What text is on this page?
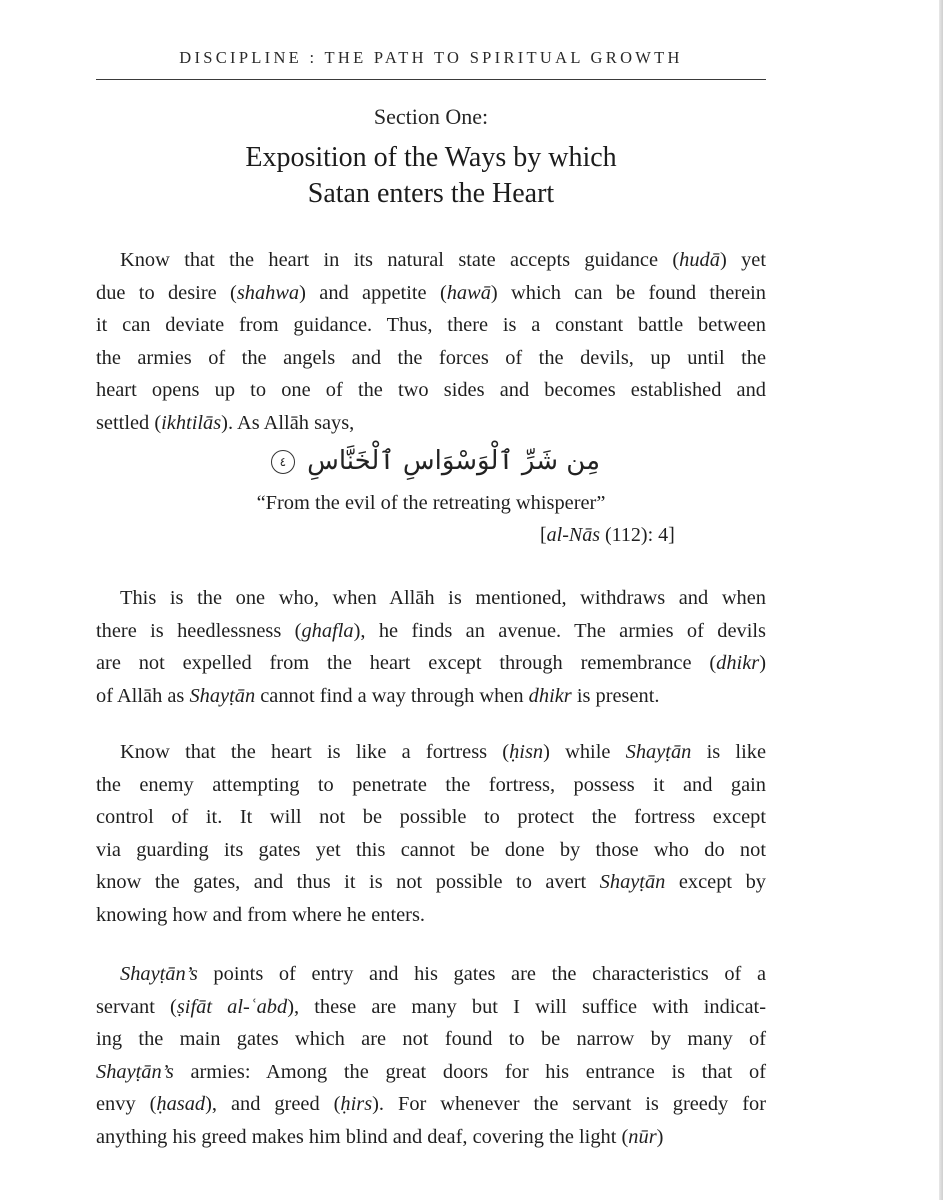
DISCIPLINE : THE PATH TO SPIRITUAL GROWTH
Section One:
Exposition of the Ways by which
Satan enters the Heart
Know that the heart in its natural state accepts guidance (hudā) yet
due to desire (shahwa) and appetite (hawā) which can be found therein
it can deviate from guidance. Thus, there is a constant battle between
the armies of the angels and the forces of the devils, up until the
heart opens up to one of the two sides and becomes established and
settled (ikhtilās). As Allāh says,
مِن شَرِّ ٱلْوَسْوَاسِ ٱلْخَنَّاسِ ٤
“From the evil of the retreating whisperer”
[al-Nās (112): 4]
This is the one who, when Allāh is mentioned, withdraws and when
there is heedlessness (ghafla), he finds an avenue. The armies of devils
are not expelled from the heart except through remembrance (dhikr)
of Allāh as Shayṭān cannot find a way through when dhikr is present.
Know that the heart is like a fortress (ḥisn) while Shayṭān is like
the enemy attempting to penetrate the fortress, possess it and gain
control of it. It will not be possible to protect the fortress except
via guarding its gates yet this cannot be done by those who do not
know the gates, and thus it is not possible to avert Shayṭān except by
knowing how and from where he enters.
Shayṭān’s points of entry and his gates are the characteristics of a
servant (ṣifāt al-ʿabd), these are many but I will suffice with indicat-
ing the main gates which are not found to be narrow by many of
Shayṭān’s armies: Among the great doors for his entrance is that of
envy (ḥasad), and greed (ḥirs). For whenever the servant is greedy for
anything his greed makes him blind and deaf, covering the light (nūr)
